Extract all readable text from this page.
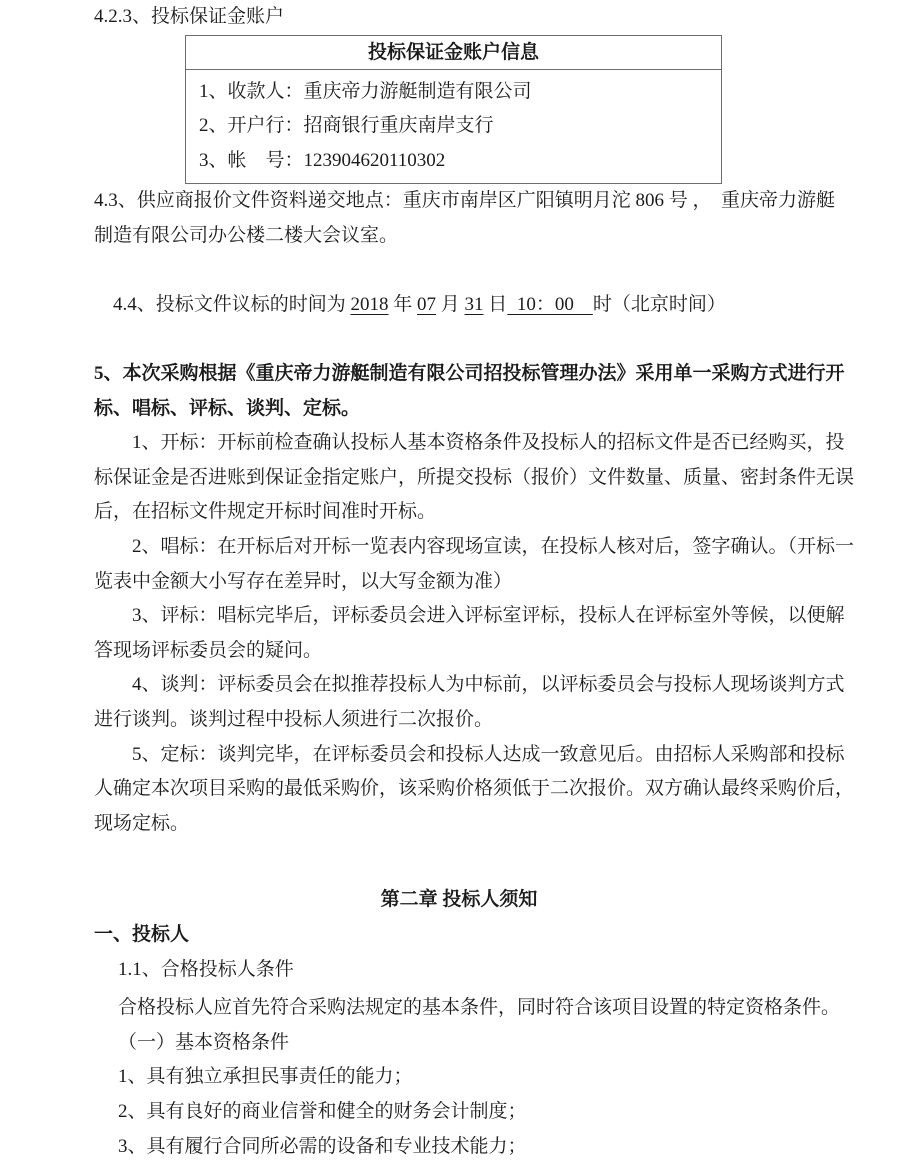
4.2.3、投标保证金账户
投标保证金账户信息
1、收款人：重庆帝力游艇制造有限公司
2、开户行：招商银行重庆南岸支行
3、帐　号：123904620110302
4.3、供应商报价文件资料递交地点：重庆市南岸区广阳镇明月沱 806 号 ，  重庆帝力游艇
制造有限公司办公楼二楼大会议室。

4.4、投标文件议标的时间为 2018 年 07 月 31 日  10：00    时（北京时间）

5、本次采购根据《重庆帝力游艇制造有限公司招投标管理办法》采用单一采购方式进行开
标、唱标、评标、谈判、定标。
1、开标：开标前检查确认投标人基本资格条件及投标人的招标文件是否已经购买，投
标保证金是否进账到保证金指定账户，所提交投标（报价）文件数量、质量、密封条件无误
后，在招标文件规定开标时间准时开标。
2、唱标：在开标后对开标一览表内容现场宣读，在投标人核对后，签字确认。（开标一
览表中金额大小写存在差异时，以大写金额为准）
3、评标：唱标完毕后，评标委员会进入评标室评标，投标人在评标室外等候，以便解
答现场评标委员会的疑问。
4、谈判：评标委员会在拟推荐投标人为中标前，以评标委员会与投标人现场谈判方式
进行谈判。谈判过程中投标人须进行二次报价。
5、定标：谈判完毕，在评标委员会和投标人达成一致意见后。由招标人采购部和投标
人确定本次项目采购的最低采购价，该采购价格须低于二次报价。双方确认最终采购价后，
现场定标。
第二章 投标人须知
一、投标人
1.1、合格投标人条件
合格投标人应首先符合采购法规定的基本条件，同时符合该项目设置的特定资格条件。
（一）基本资格条件
1、具有独立承担民事责任的能力；
2、具有良好的商业信誉和健全的财务会计制度；
3、具有履行合同所必需的设备和专业技术能力；
